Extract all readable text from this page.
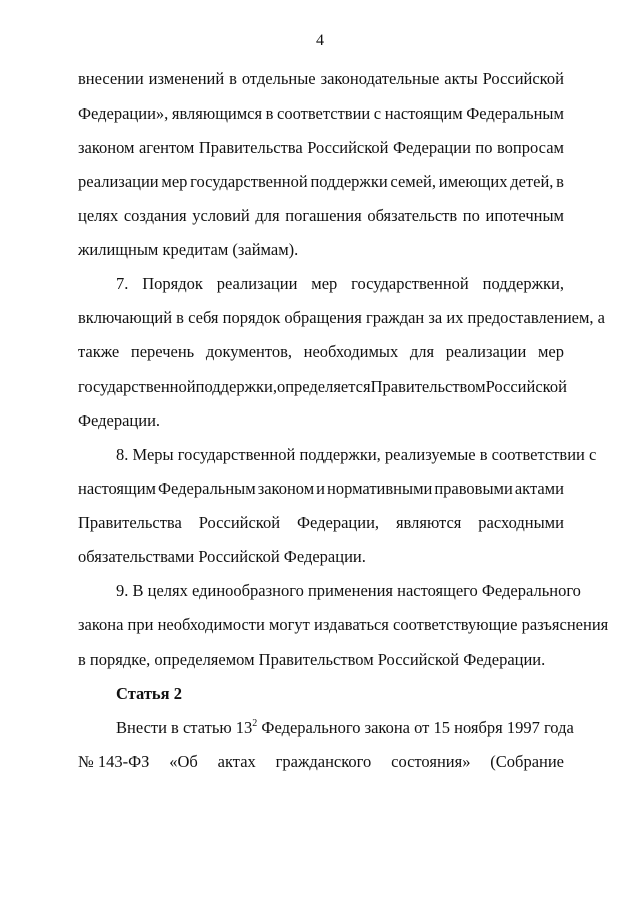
4
внесении изменений в отдельные законодательные акты Российской
Федерации», являющимся в соответствии с настоящим Федеральным
законом агентом Правительства Российской Федерации по вопросам
реализации мер государственной поддержки семей, имеющих детей, в
целях создания условий для погашения обязательств по ипотечным
жилищным кредитам (займам).
7. Порядок реализации мер государственной поддержки,
включающий в себя порядок обращения граждан за их предоставлением, а
также перечень документов, необходимых для реализации мер
государственной поддержки, определяется Правительством Российской
Федерации.
8. Меры государственной поддержки, реализуемые в соответствии с
настоящим Федеральным законом и нормативными правовыми актами
Правительства Российской Федерации, являются расходными
обязательствами Российской Федерации.
9. В целях единообразного применения настоящего Федерального
закона при необходимости могут издаваться соответствующие разъяснения
в порядке, определяемом Правительством Российской Федерации.
Статья 2
Внести в статью $13^2$ Федерального закона от 15 ноября 1997 года
№ 143-ФЗ «Об актах гражданского состояния» (Собрание
